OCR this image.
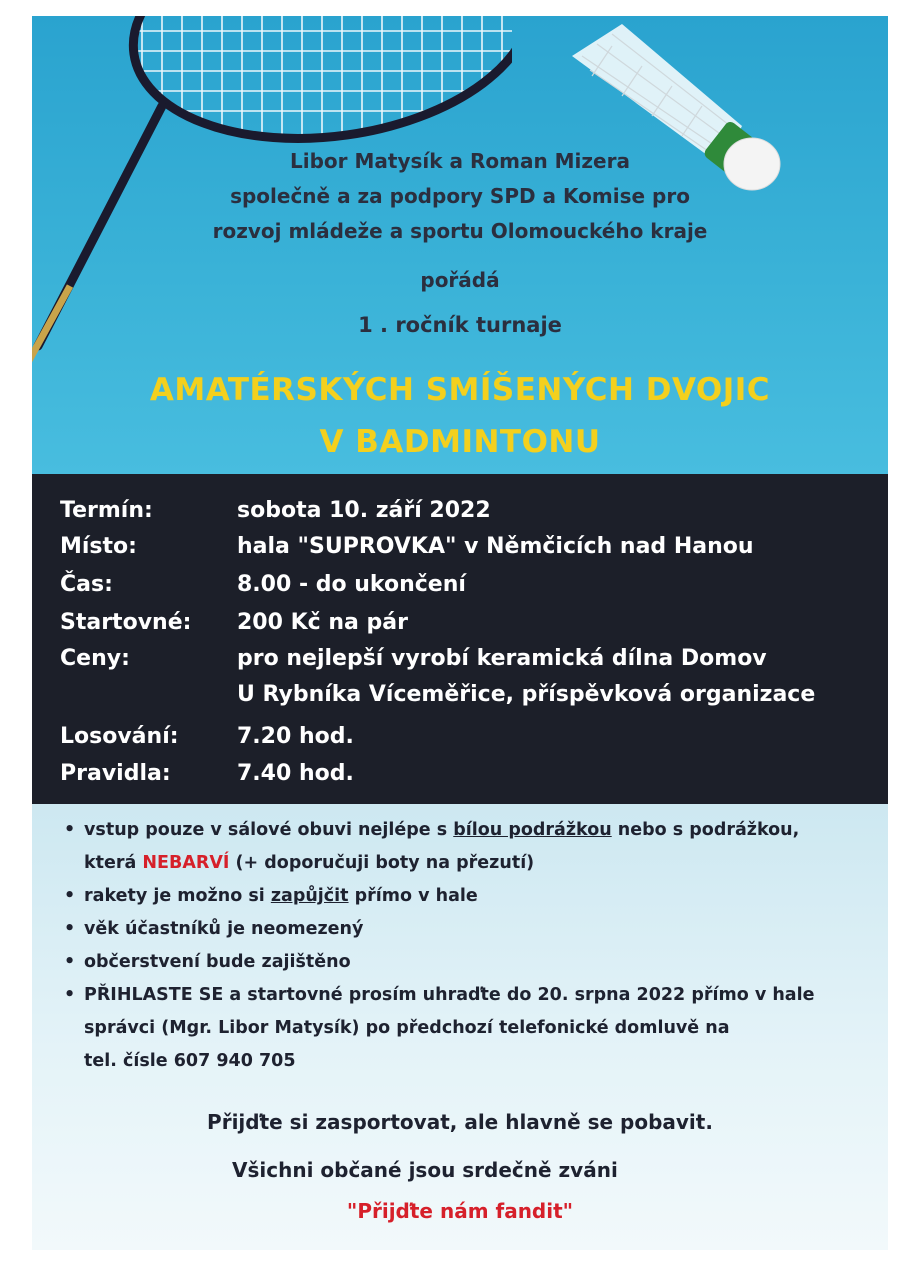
Libor Matysík a Roman Mizera
společně a za podpory SPD a Komise pro
rozvoj mládeže a sportu Olomouckého kraje
pořádá
1 . ročník turnaje
AMATÉRSKÝCH SMÍŠENÝCH DVOJIC
V BADMINTONU
Termín:	sobota 10. září 2022
Místo:	hala "SUPROVKA" v Němčicích nad Hanou
Čas:	8.00 - do ukončení
Startovné: 200 Kč na pár
Ceny:	pro nejlepší vyrobí keramická dílna Domov
U Rybníka Víceměřice, příspěvková organizace
Losování:	7.20 hod.
Pravidla:	7.40 hod.
• vstup pouze v sálové obuvi nejlépe s bílou podrážkou nebo s podrážkou,
která NEBARVÍ (+ doporučuji boty na přezutí)
• rakety je možno si zapůjčit přímo v hale
• věk účastníků je neomezený
• občerstvení bude zajištěno
• PŘIHLASTE SE a startovné prosím uhraďte do 20. srpna 2022 přímo v hale
správci (Mgr. Libor Matysík) po předchozí telefonické domluvě na
tel. čísle 607 940 705
Přijďte si zasportovat, ale hlavně se pobavit.
Všichni občané jsou srdečně zváni
"Přijďte nám fandit"
